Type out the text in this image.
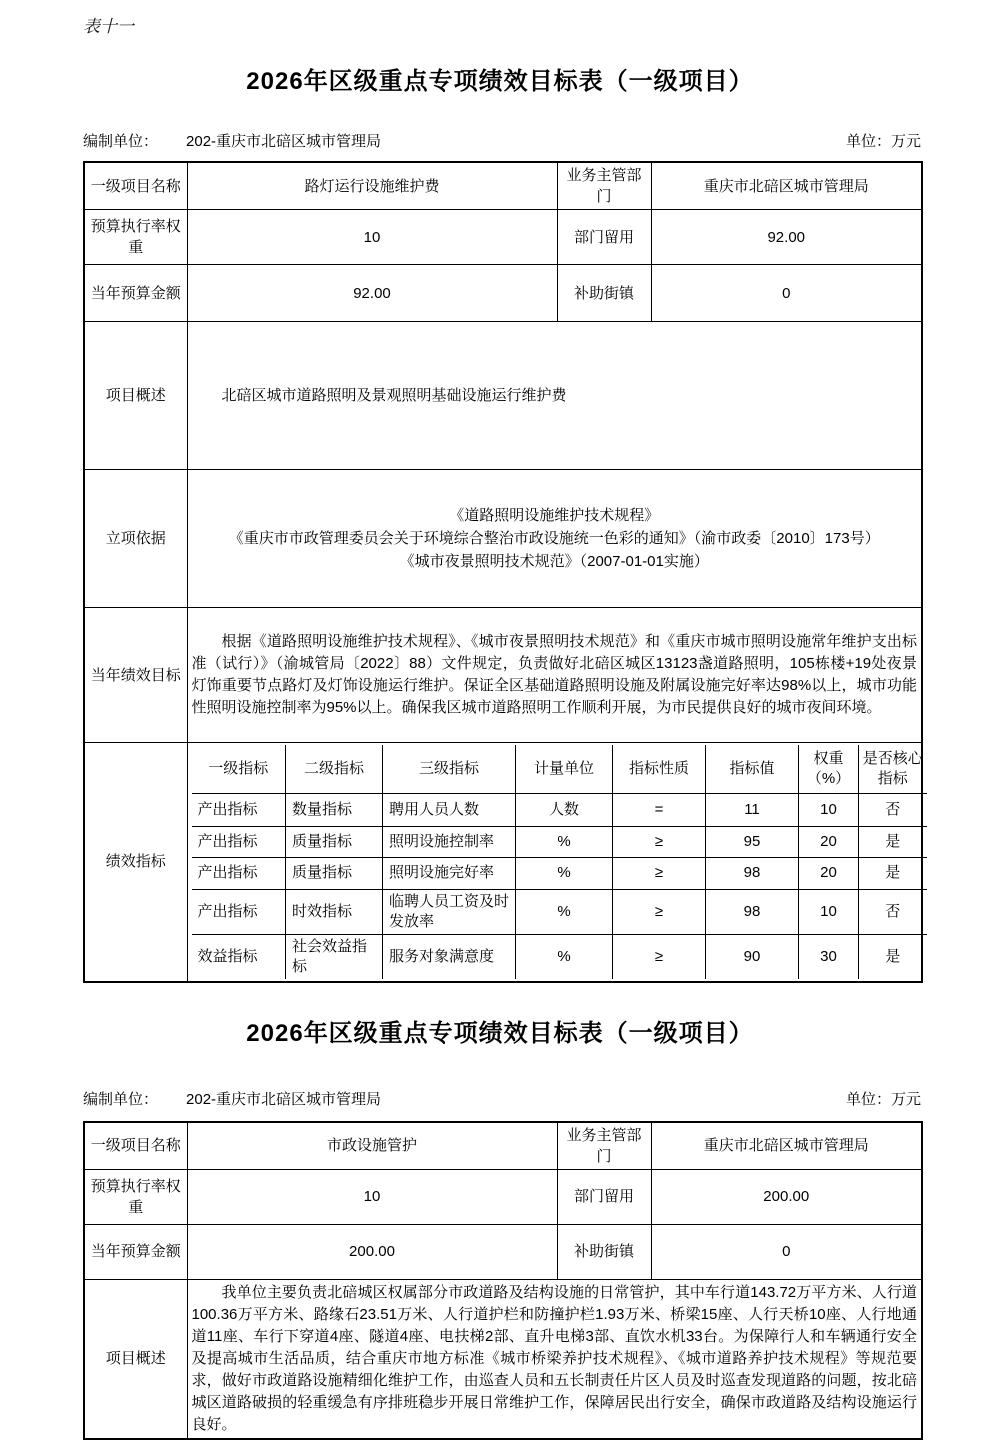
表十一
2026年区级重点专项绩效目标表（一级项目）
编制单位： 202-重庆市北碚区城市管理局	单位：万元
一级项目名称	路灯运行设施维护费	业务主管部门	重庆市北碚区城市管理局
预算执行率权重	10	部门留用	92.00
当年预算金额	92.00	补助街镇	0
项目概述	北碚区城市道路照明及景观照明基础设施运行维护费

立项依据	
《道路照明设施维护技术规程》
《重庆市市政管理委员会关于环境综合整治市政设施统一色彩的通知》（渝市政委〔2010〕173号）
《城市夜景照明技术规范》（2007-01-01实施）

当年绩效目标	
根据《道路照明设施维护技术规程》、《城市夜景照明技术规范》和《重庆市城市照明设施常年维护支出标准（试行）》（渝城管局〔2022〕88）文件规定，负责做好北碚区城区13123盏道路照明，105栋楼+19处夜景灯饰重要节点路灯及灯饰设施运行维护。保证全区基础道路照明设施及附属设施完好率达98%以上，城市功能性照明设施控制率为95%以上。确保我区城市道路照明工作顺利开展，为市民提供良好的城市夜间环境。

绩效指标	
一级指标	二级指标	三级指标	计量单位	指标性质	指标值	权重（%）	是否核心指标
产出指标	数量指标	聘用人员人数	人数	=	11	10	否
产出指标	质量指标	照明设施控制率	%	≥	95	20	是
产出指标	质量指标	照明设施完好率	%	≥	98	20	是
产出指标	时效指标	临聘人员工资及时发放率	%	≥	98	10	否
效益指标	社会效益指标	服务对象满意度	%	≥	90	30	是
2026年区级重点专项绩效目标表（一级项目）
编制单位： 202-重庆市北碚区城市管理局	单位：万元
一级项目名称	市政设施管护	业务主管部门	重庆市北碚区城市管理局
预算执行率权重	10	部门留用	200.00
当年预算金额	200.00	补助街镇	0
项目概述	我单位主要负责北碚城区权属部分市政道路及结构设施的日常管护，其中车行道143.72万平方米、人行道100.36万平方米、路缘石23.51万米、人行道护栏和防撞护栏1.93万米、桥梁15座、人行天桥10座、人行地通道11座、车行下穿道4座、隧道4座、电扶梯2部、直升电梯3部、直饮水机33台。为保障行人和车辆通行安全及提高城市生活品质，结合重庆市地方标准《城市桥梁养护技术规程》、《城市道路养护技术规程》等规范要求，做好市政道路设施精细化维护工作，由巡查人员和五长制责任片区人员及时巡查发现道路的问题，按北碚城区道路破损的轻重缓急有序排班稳步开展日常维护工作，保障居民出行安全，确保市政道路及结构设施运行良好。		
